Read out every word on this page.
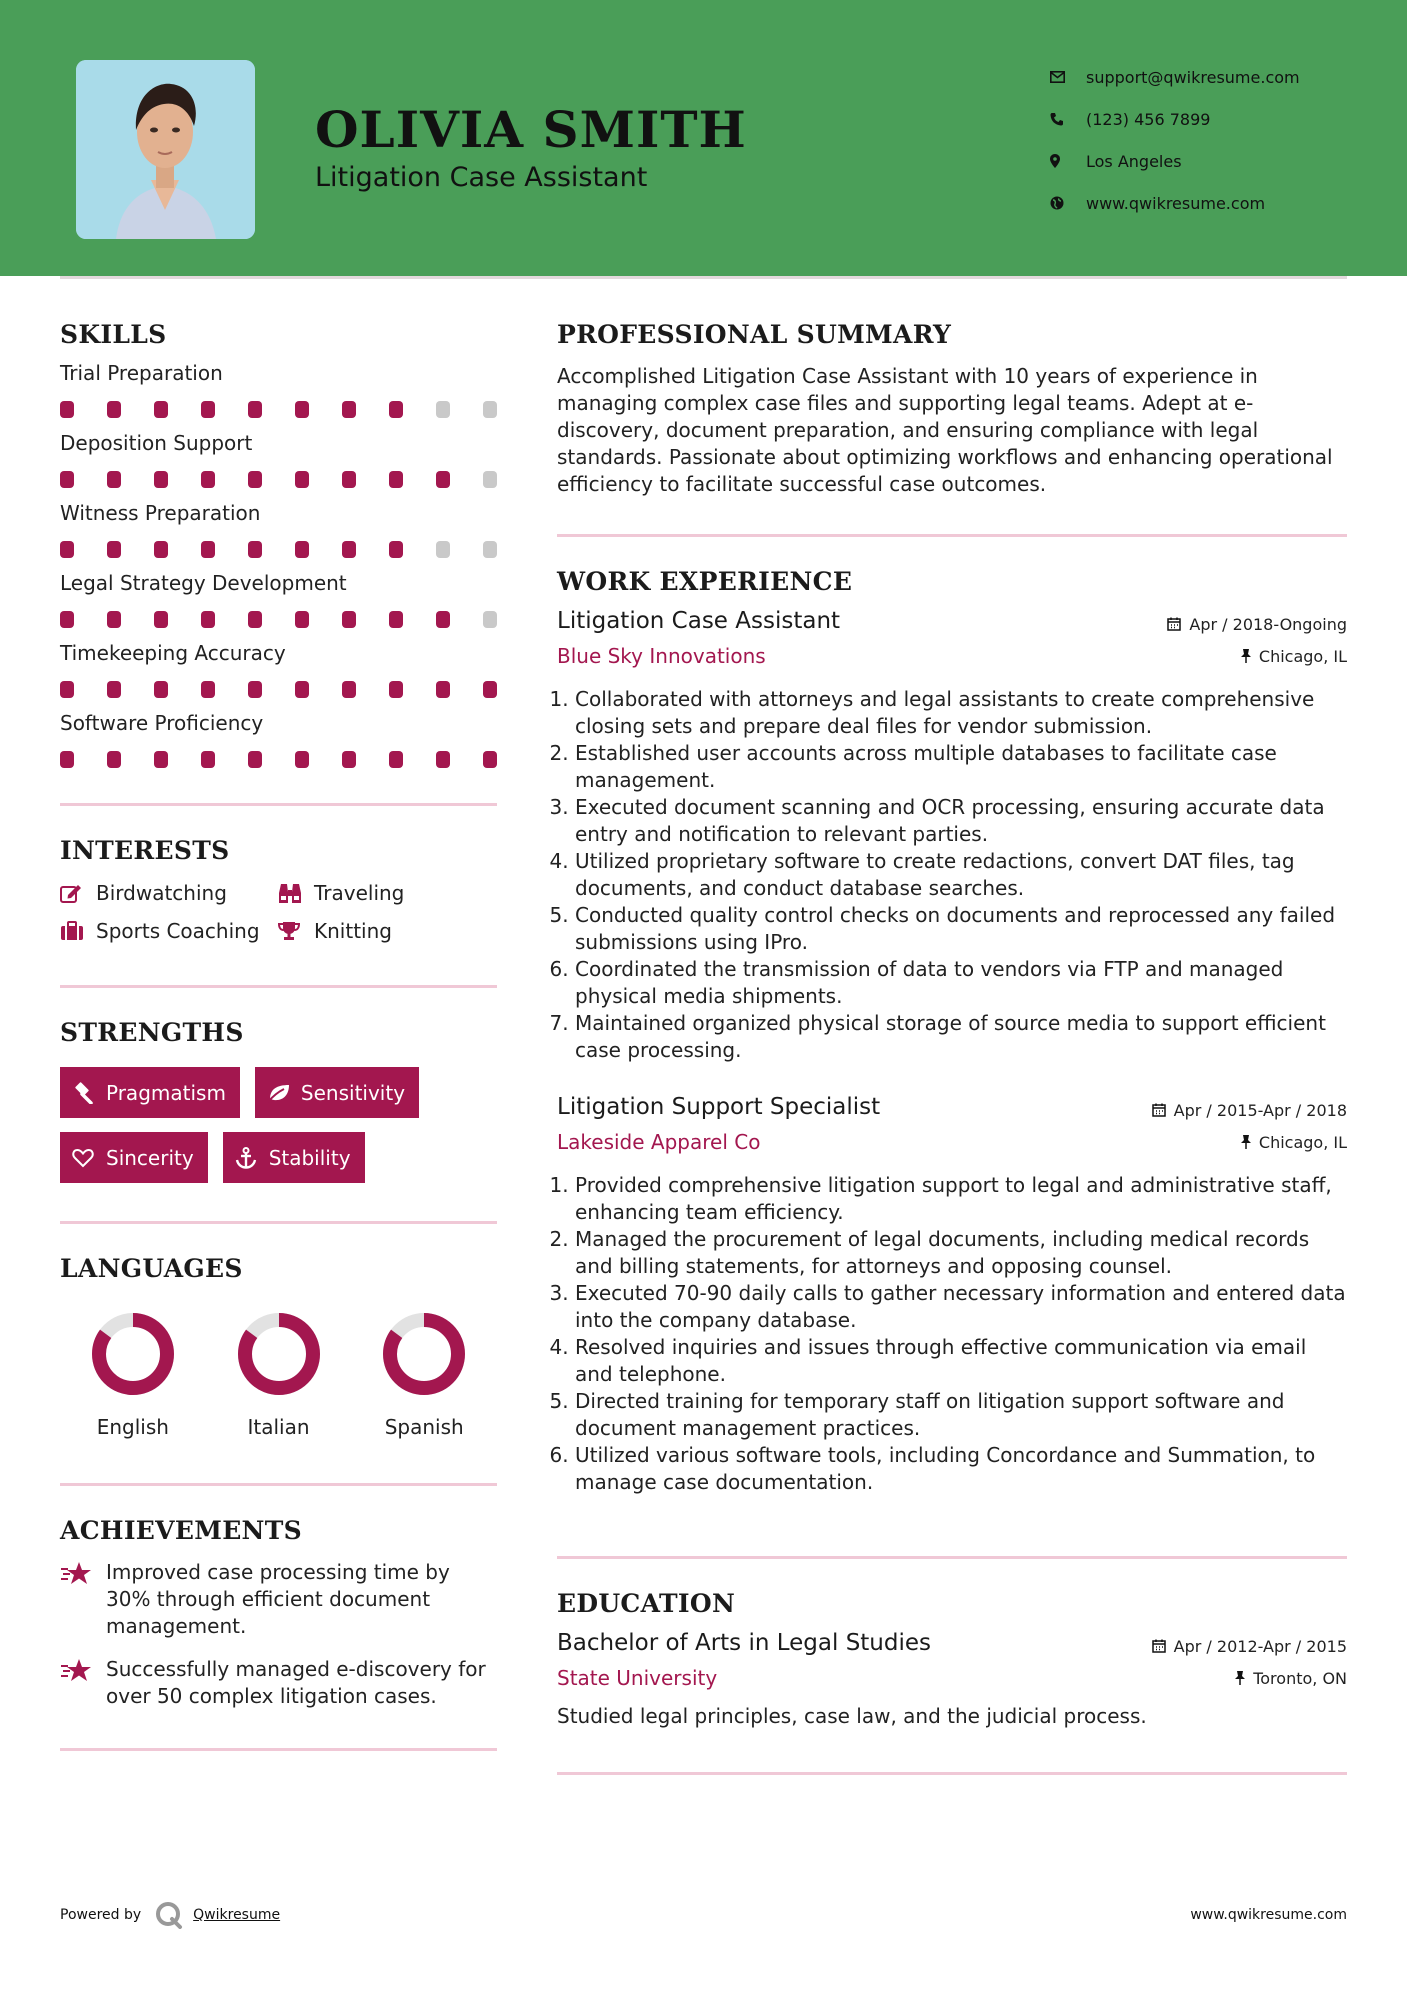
OLIVIA SMITH
Litigation Case Assistant
support@qwikresume.com
(123) 456 7899
Los Angeles
www.qwikresume.com
SKILLS
Trial Preparation
Deposition Support
Witness Preparation
Legal Strategy Development
Timekeeping Accuracy
Software Proficiency
INTERESTS
Birdwatching	Traveling
Sports Coaching	Knitting
STRENGTHS
Pragmatism	Sensitivity
Sincerity	Stability
LANGUAGES
English	Italian	Spanish
ACHIEVEMENTS
Improved case processing time by 30% through efficient document management.
Successfully managed e-discovery for over 50 complex litigation cases.
PROFESSIONAL SUMMARY
Accomplished Litigation Case Assistant with 10 years of experience in managing complex case files and supporting legal teams. Adept at e-discovery, document preparation, and ensuring compliance with legal standards. Passionate about optimizing workflows and enhancing operational efficiency to facilitate successful case outcomes.
WORK EXPERIENCE
Litigation Case Assistant
Blue Sky Innovations
Apr / 2018-Ongoing
Chicago, IL
1. Collaborated with attorneys and legal assistants to create comprehensive closing sets and prepare deal files for vendor submission.
2. Established user accounts across multiple databases to facilitate case management.
3. Executed document scanning and OCR processing, ensuring accurate data entry and notification to relevant parties.
4. Utilized proprietary software to create redactions, convert DAT files, tag documents, and conduct database searches.
5. Conducted quality control checks on documents and reprocessed any failed submissions using IPro.
6. Coordinated the transmission of data to vendors via FTP and managed physical media shipments.
7. Maintained organized physical storage of source media to support efficient case processing.
Litigation Support Specialist
Lakeside Apparel Co
Apr / 2015-Apr / 2018
Chicago, IL
1. Provided comprehensive litigation support to legal and administrative staff, enhancing team efficiency.
2. Managed the procurement of legal documents, including medical records and billing statements, for attorneys and opposing counsel.
3. Executed 70-90 daily calls to gather necessary information and entered data into the company database.
4. Resolved inquiries and issues through effective communication via email and telephone.
5. Directed training for temporary staff on litigation support software and document management practices.
6. Utilized various software tools, including Concordance and Summation, to manage case documentation.
EDUCATION
Bachelor of Arts in Legal Studies
State University
Apr / 2012-Apr / 2015
Toronto, ON
Studied legal principles, case law, and the judicial process.
Powered by	Qwikresume	www.qwikresume.com
